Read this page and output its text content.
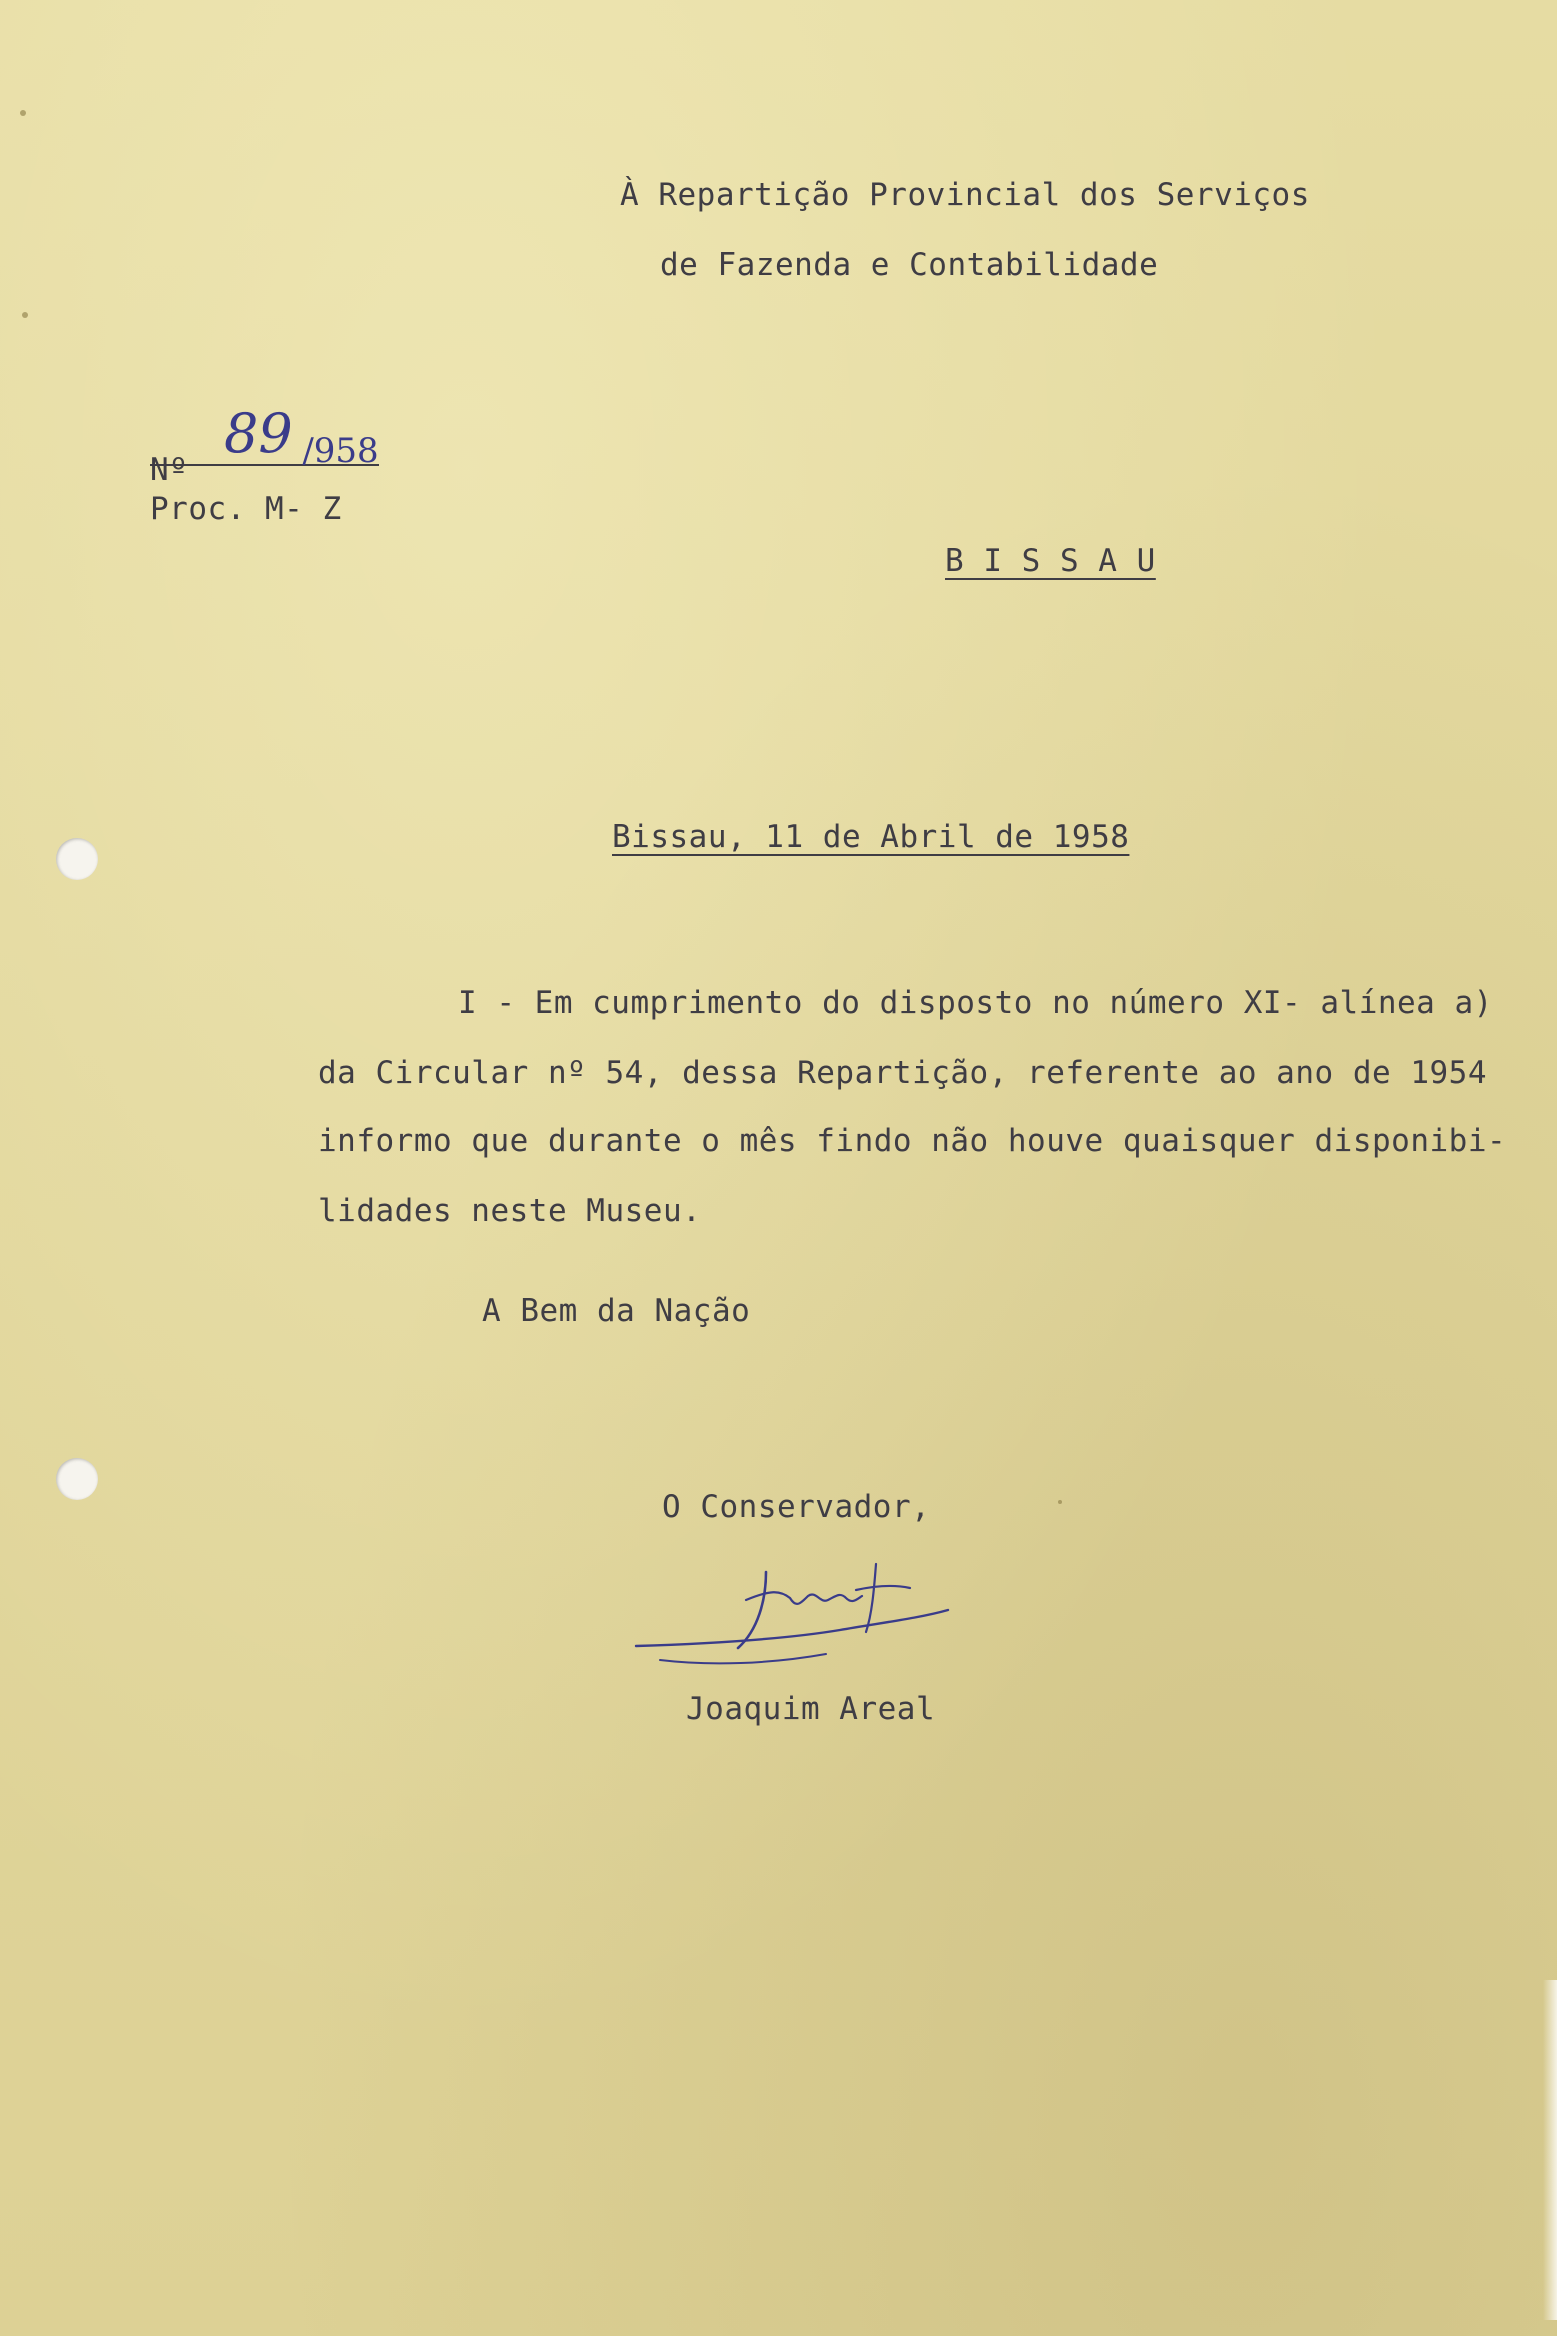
À Repartição Provincial dos Serviços
de Fazenda e Contabilidade
Nº 89 /958
Proc. M- Z
B I S S A U
Bissau, 11 de Abril de 1958
I - Em cumprimento do disposto no número XI- alínea a)
da Circular nº 54, dessa Repartição, referente ao ano de 1954
informo que durante o mês findo não houve quaisquer disponibi-
lidades neste Museu.
A Bem da Nação
O Conservador,
Joaquim Areal
